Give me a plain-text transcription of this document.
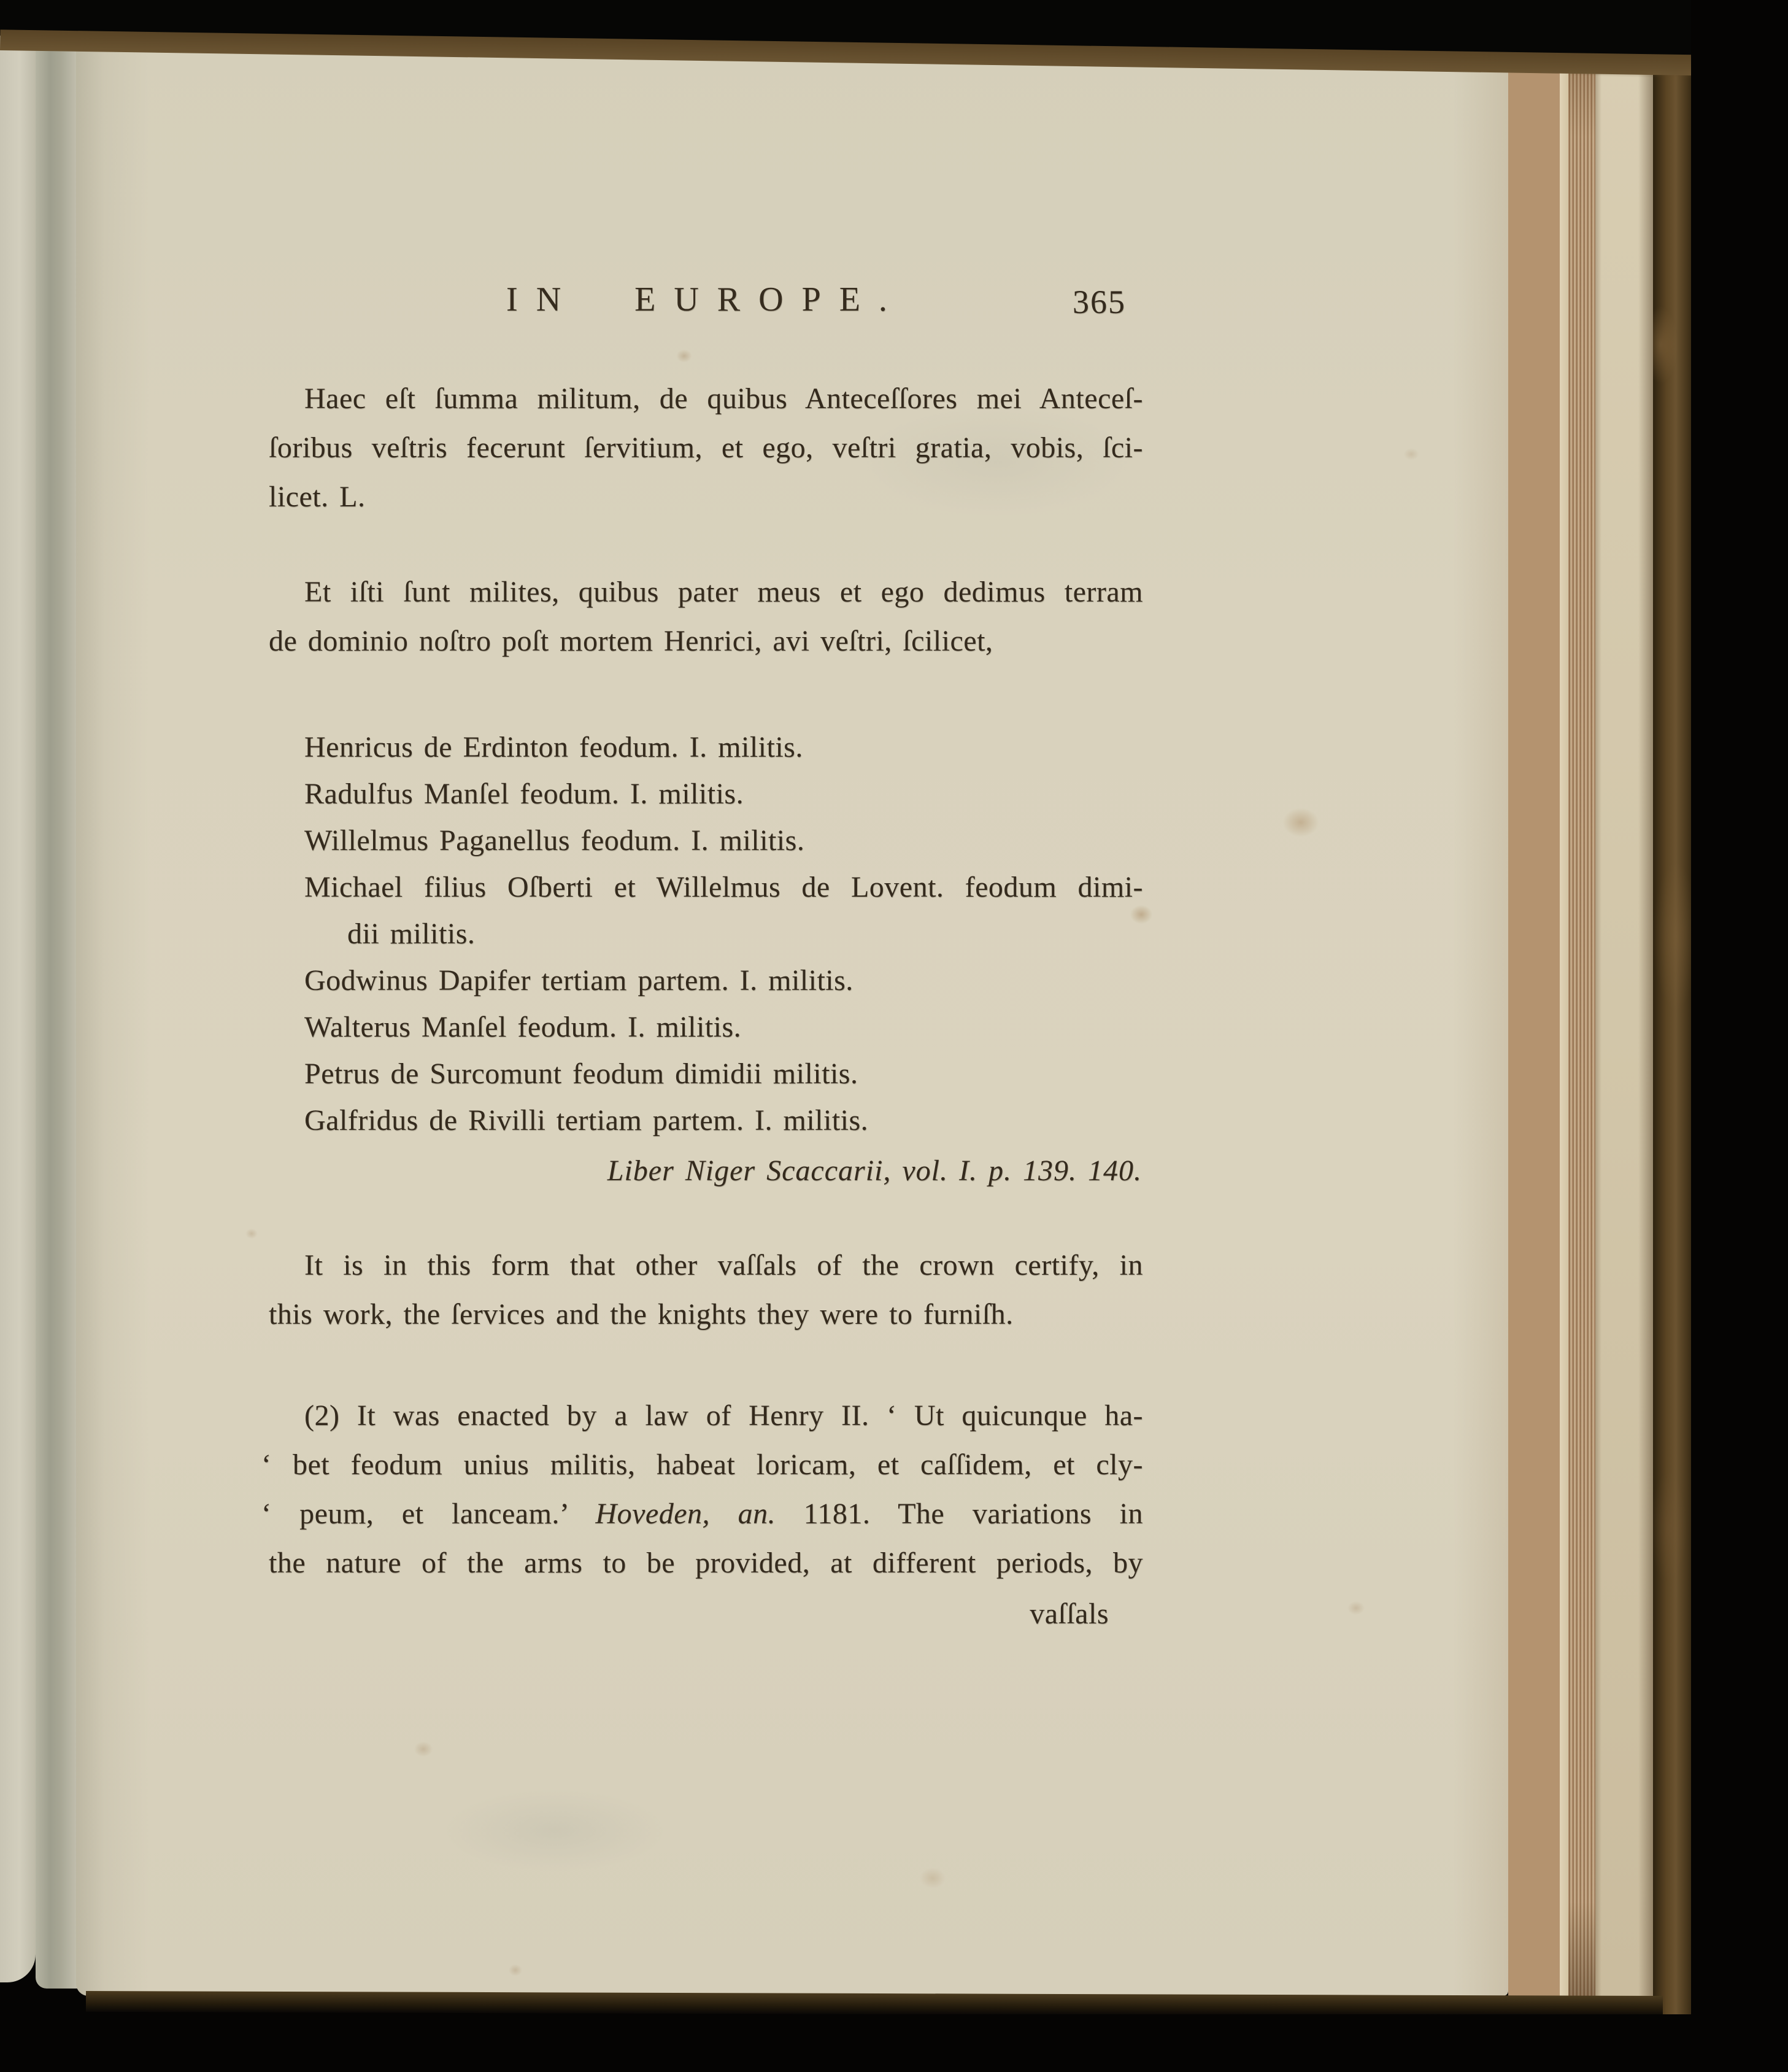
IN EUROPE.	365
Haec eſt ſumma militum, de quibus Anteceſſores mei Anteceſ-
ſoribus veſtris fecerunt ſervitium, et ego, veſtri gratia, vobis, ſci-
licet. L.
Et iſti ſunt milites, quibus pater meus et ego dedimus terram
de dominio noſtro poſt mortem Henrici, avi veſtri, ſcilicet,
Henricus de Erdinton feodum. I. militis.
Radulfus Manſel feodum. I. militis.
Willelmus Paganellus feodum. I. militis.
Michael filius Oſberti et Willelmus de Lovent. feodum dimi-
dii militis.
Godwinus Dapifer tertiam partem. I. militis.
Walterus Manſel feodum. I. militis.
Petrus de Surcomunt feodum dimidii militis.
Galfridus de Rivilli tertiam partem. I. militis.
Liber Niger Scaccarii, vol. I. p. 139. 140.
It is in this form that other vaſſals of the crown certify, in
this work, the ſervices and the knights they were to furniſh.
(2) It was enacted by a law of Henry II. ‘ Ut quicunque ha-
‘ bet feodum unius militis, habeat loricam, et caſſidem, et cly-
‘ peum, et lanceam.’ Hoveden, an. 1181. The variations in
the nature of the arms to be provided, at different periods, by
vaſſals
